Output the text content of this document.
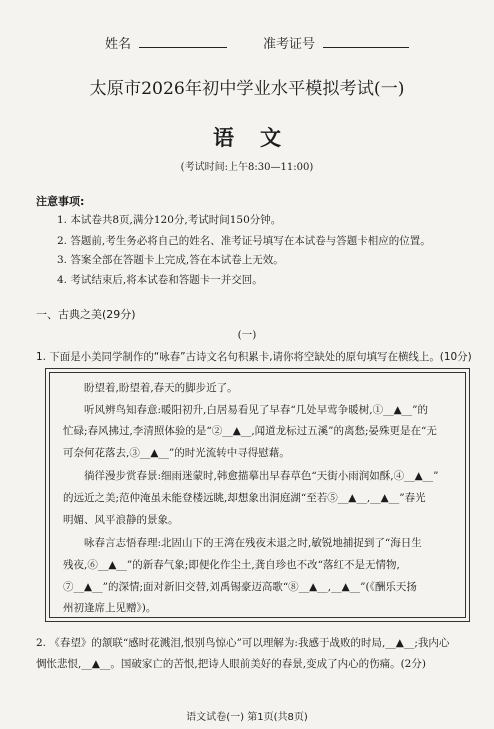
姓名	准考证号
太原市2026年初中学业水平模拟考试(一)
语文
(考试时间:上午8:30—11:00)
注意事项:
1. 本试卷共8页,满分120分,考试时间150分钟。
2. 答题前,考生务必将自己的姓名、准考证号填写在本试卷与答题卡相应的位置。
3. 答案全部在答题卡上完成,答在本试卷上无效。
4. 考试结束后,将本试卷和答题卡一并交回。
一、古典之美(29分)
(一)
1. 下面是小美同学制作的“咏春”古诗文名句积累卡,请你将空缺处的原句填写在横线上。(10分)
盼望着,盼望着,春天的脚步近了。
听风辨鸟知春意:暖阳初升,白居易看见了早春“几处早莺争暖树,①__▲__”的
忙碌;春风拂过,李清照体验的是“②__▲__,闻道龙标过五溪”的离愁;晏殊更是在“无
可奈何花落去,③__▲__”的时光流转中寻得慰藉。
徜徉漫步赏春景:细雨迷蒙时,韩愈描摹出早春草色“天街小雨润如酥,④__▲__”
的远近之美;范仲淹虽未能登楼远眺,却想象出洞庭湖“至若⑤__▲__,__▲__”春光
明媚、风平浪静的景象。
咏春言志悟春理:北固山下的王湾在残夜未退之时,敏锐地捕捉到了“海日生
残夜,⑥__▲__”的新春气象;即便化作尘土,龚自珍也不改“落红不是无情物,
⑦__▲__”的深情;面对新旧交替,刘禹锡豪迈高歌“⑧__▲__,__▲__”(《酬乐天扬
州初逢席上见赠》)。
2. 《春望》的颔联“感时花溅泪,恨别鸟惊心”可以理解为:我感于战败的时局,__▲__;我内心
惆怅悲恨,__▲__。国破家亡的苦恨,把诗人眼前美好的春景,变成了内心的伤痛。(2分)
语文试卷(一) 第1页(共8页)
